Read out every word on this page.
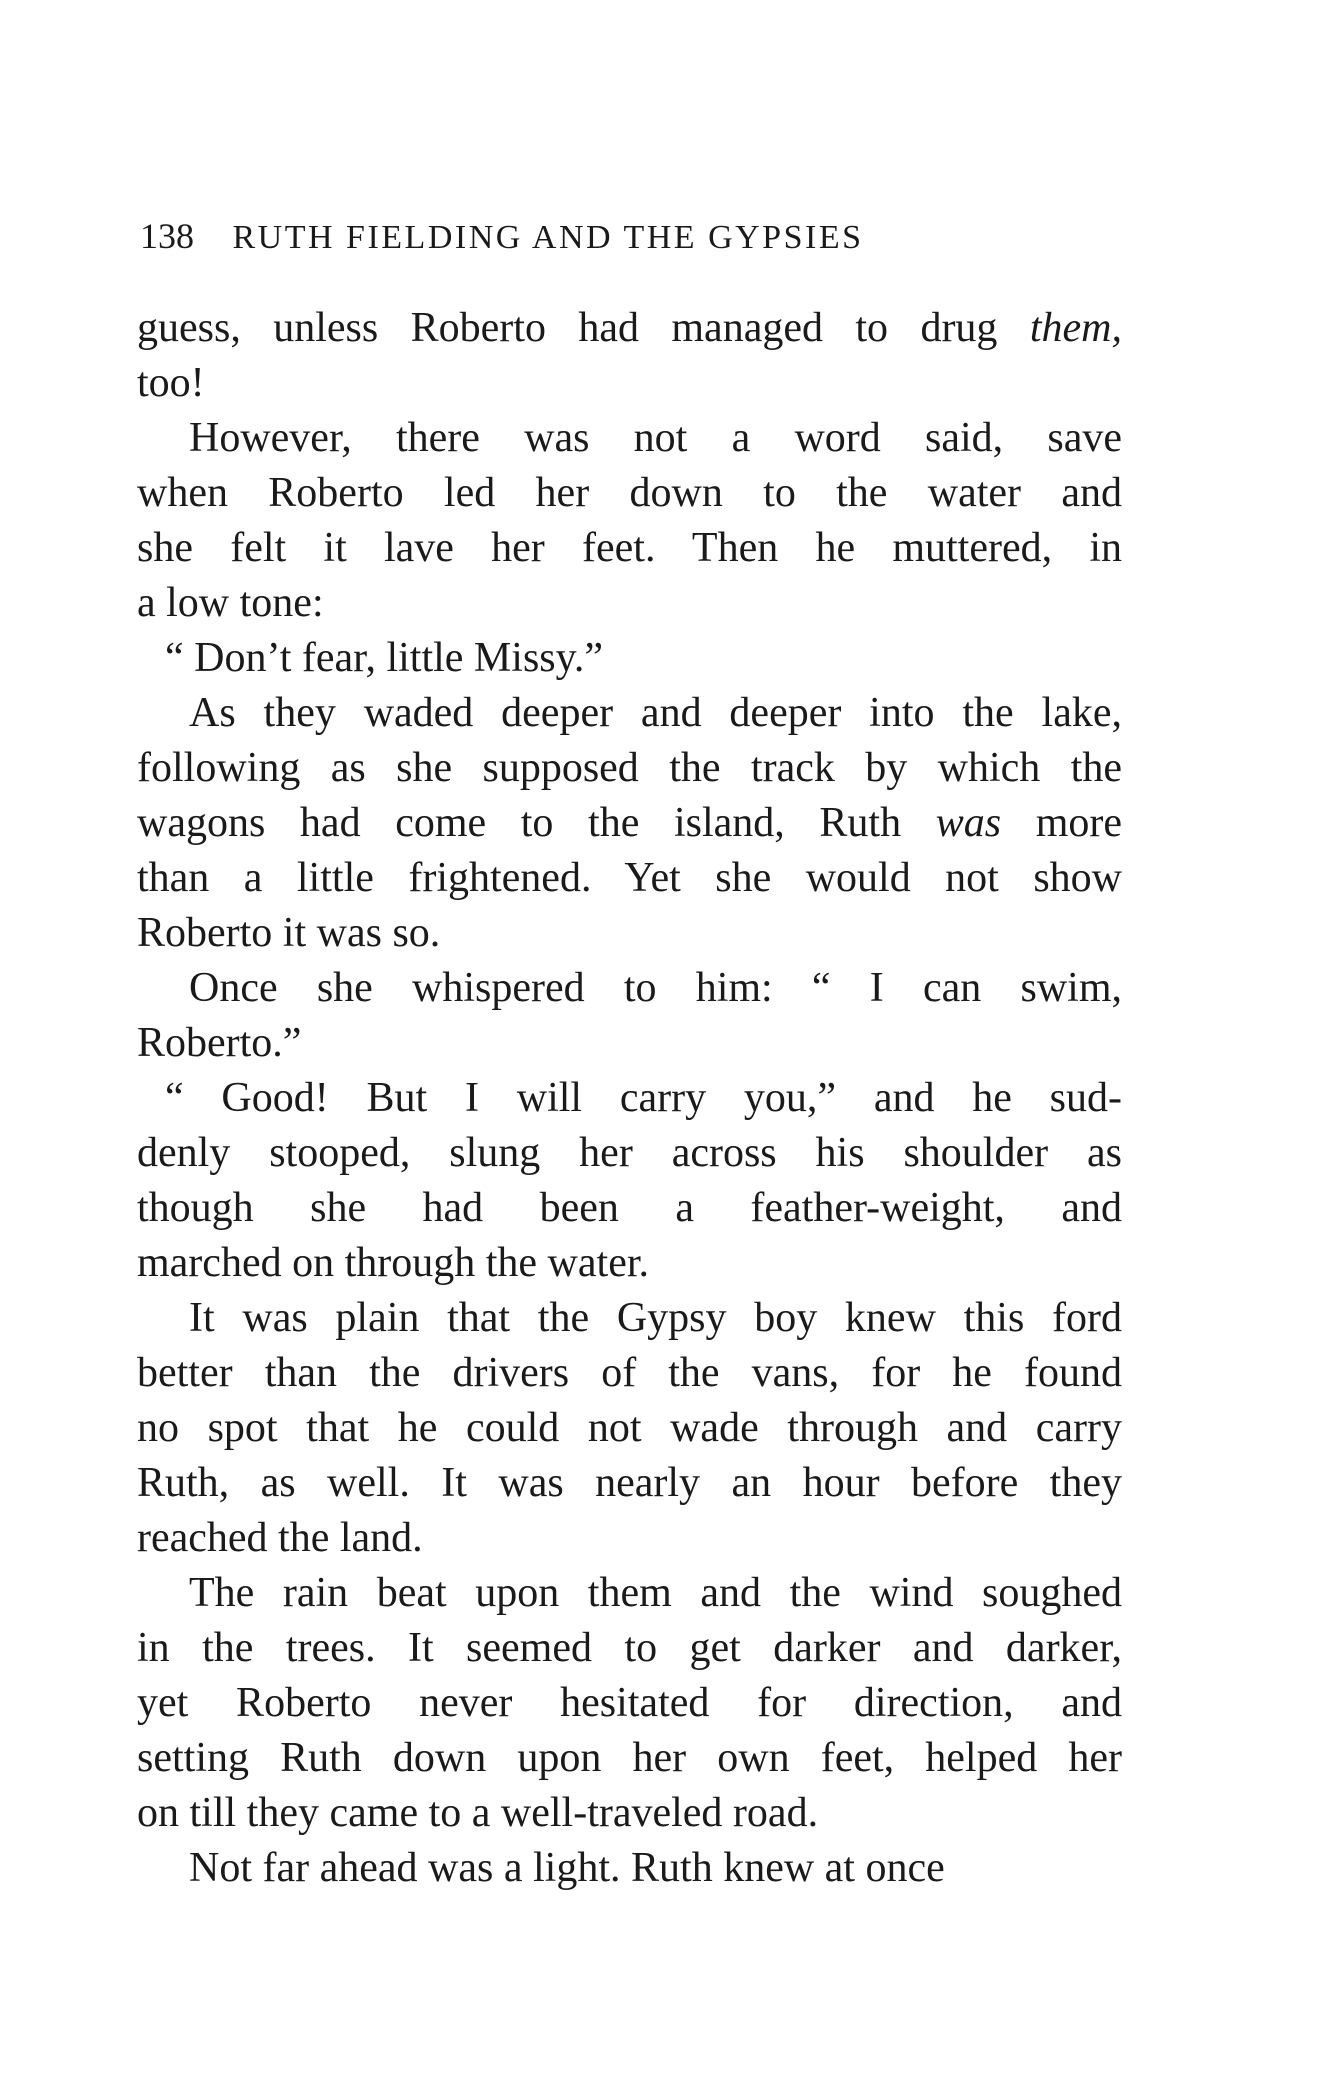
138 RUTH FIELDING AND THE GYPSIES
guess, unless Roberto had managed to drug them,
too!
However, there was not a word said, save
when Roberto led her down to the water and
she felt it lave her feet. Then he muttered, in
a low tone:
“ Don’t fear, little Missy.”
As they waded deeper and deeper into the lake,
following as she supposed the track by which the
wagons had come to the island, Ruth was more
than a little frightened. Yet she would not show
Roberto it was so.
Once she whispered to him: “ I can swim,
Roberto.”
“ Good! But I will carry you,” and he sud-
denly stooped, slung her across his shoulder as
though she had been a feather-weight, and
marched on through the water.
It was plain that the Gypsy boy knew this ford
better than the drivers of the vans, for he found
no spot that he could not wade through and carry
Ruth, as well. It was nearly an hour before they
reached the land.
The rain beat upon them and the wind soughed
in the trees. It seemed to get darker and darker,
yet Roberto never hesitated for direction, and
setting Ruth down upon her own feet, helped her
on till they came to a well-traveled road.
Not far ahead was a light. Ruth knew at once
